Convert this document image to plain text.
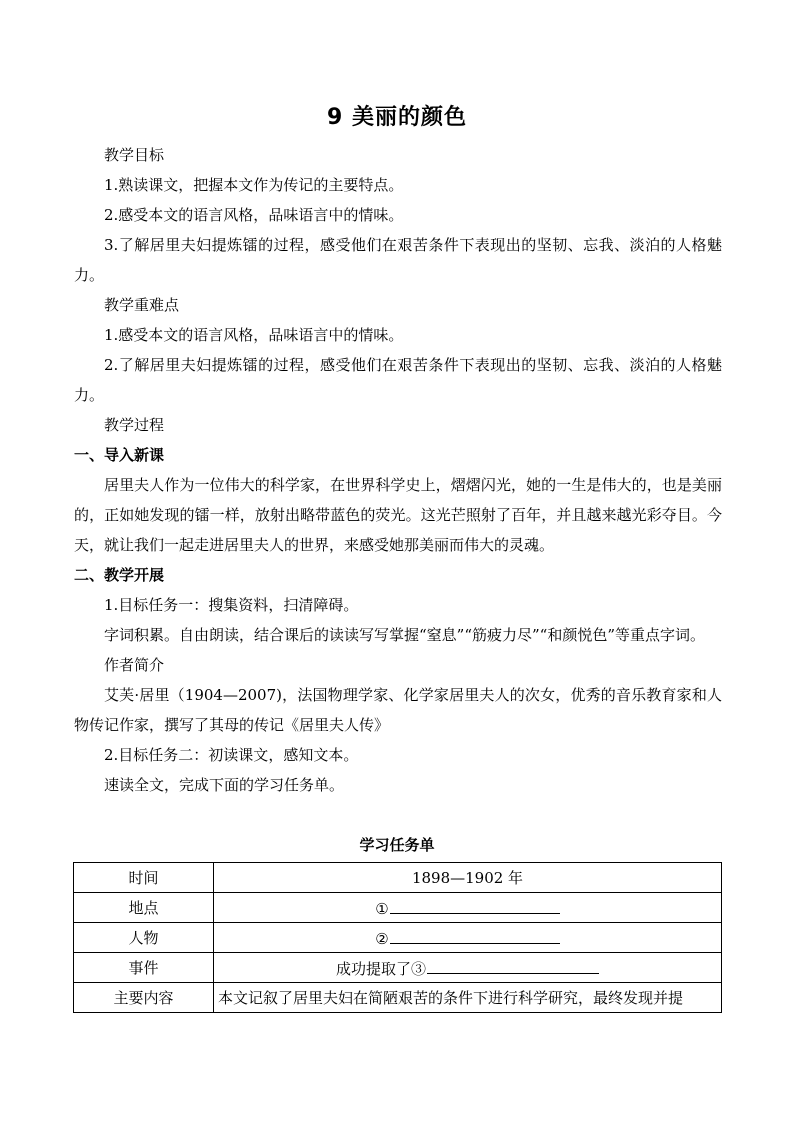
9 美丽的颜色

教学目标

1.熟读课文，把握本文作为传记的主要特点。

2.感受本文的语言风格，品味语言中的情味。

3.了解居里夫妇提炼镭的过程，感受他们在艰苦条件下表现出的坚韧、忘我、淡泊的人格魅力。

教学重难点

1.感受本文的语言风格，品味语言中的情味。

2.了解居里夫妇提炼镭的过程，感受他们在艰苦条件下表现出的坚韧、忘我、淡泊的人格魅力。

教学过程

一、导入新课

居里夫人作为一位伟大的科学家，在世界科学史上，熠熠闪光，她的一生是伟大的，也是美丽的，正如她发现的镭一样，放射出略带蓝色的荧光。这光芒照射了百年，并且越来越光彩夺目。今天，就让我们一起走进居里夫人的世界，来感受她那美丽而伟大的灵魂。

二、教学开展

1.目标任务一：搜集资料，扫清障碍。

字词积累。自由朗读，结合课后的读读写写掌握“窒息”“筋疲力尽”“和颜悦色”等重点字词。

作者简介

艾芙·居里（1904—2007)，法国物理学家、化学家居里夫人的次女，优秀的音乐教育家和人物传记作家，撰写了其母的传记《居里夫人传》

2.目标任务二：初读课文，感知文本。

速读全文，完成下面的学习任务单。

学习任务单
时间	1898—1902 年
地点	①
人物	②
事件	成功提取了③
主要内容	本文记叙了居里夫妇在简陋艰苦的条件下进行科学研究，最终发现并提
